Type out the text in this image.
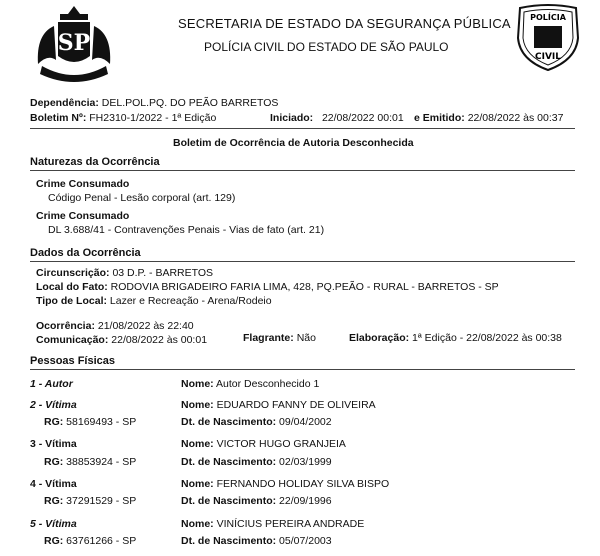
SP
POLÍCIA
CIVIL
SECRETARIA DE ESTADO DA SEGURANÇA PÚBLICA
POLÍCIA CIVIL DO ESTADO DE SÃO PAULO
Dependência: DEL.POL.PQ. DO PEÃO BARRETOS
Boletim Nº: FH2310-1/2022 - 1ª Edição	Iniciado: 22/08/2022 00:01 e Emitido: 22/08/2022 às 00:37
Boletim de Ocorrência de Autoria Desconhecida
Naturezas da Ocorrência
Crime Consumado
Código Penal - Lesão corporal (art. 129)
Crime Consumado
DL 3.688/41 - Contravenções Penais - Vias de fato (art. 21)
Dados da Ocorrência
Circunscrição: 03 D.P. - BARRETOS
Local do Fato: RODOVIA BRIGADEIRO FARIA LIMA, 428, PQ.PEÃO - RURAL - BARRETOS - SP
Tipo de Local: Lazer e Recreação - Arena/Rodeio
Ocorrência: 21/08/2022 às 22:40
Comunicação: 22/08/2022 às 00:01	Flagrante: Não	Elaboração: 1ª Edição - 22/08/2022 às 00:38
Pessoas Físicas
1 - Autor	Nome: Autor Desconhecido 1
2 - Vítima	Nome: EDUARDO FANNY DE OLIVEIRA
RG: 58169493 - SP	Dt. de Nascimento: 09/04/2002
3 - Vítima	Nome: VICTOR HUGO GRANJEIA
RG: 38853924 - SP	Dt. de Nascimento: 02/03/1999
4 - Vítima	Nome: FERNANDO HOLIDAY SILVA BISPO
RG: 37291529 - SP	Dt. de Nascimento: 22/09/1996
5 - Vítima	Nome: VINÍCIUS PEREIRA ANDRADE
RG: 63761266 - SP	Dt. de Nascimento: 05/07/2003
